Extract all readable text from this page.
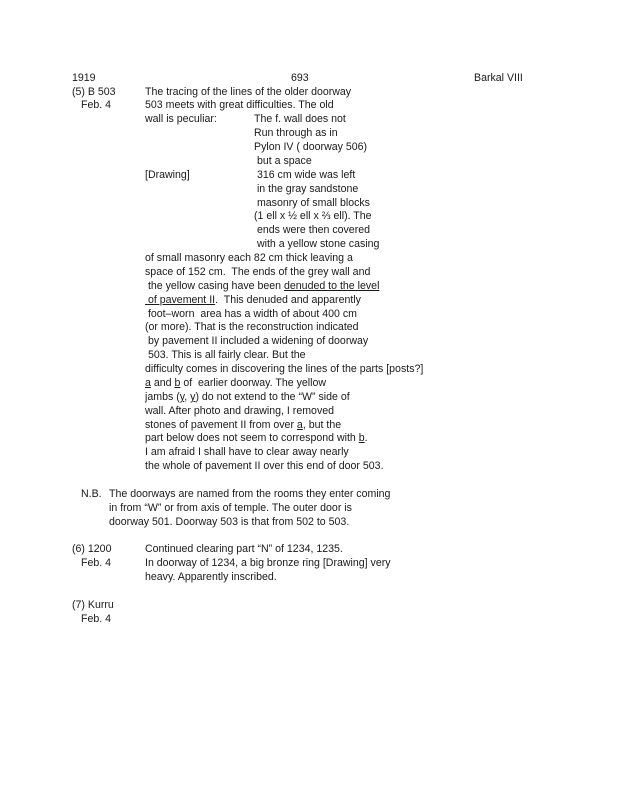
1919	693	Barkal VIII
(5) B 503
Feb. 4
The tracing of the lines of the older doorway
503 meets with great difficulties. The old
wall is peculiar:
[Drawing]
The f. wall does not
Run through as in
Pylon IV ( doorway 506)
but a space
316 cm wide was left
in the gray sandstone
masonry of small blocks
(1 ell x ½ ell x ⅔ ell). The
ends were then covered
with a yellow stone casing
of small masonry each 82 cm thick leaving a
space of 152 cm.  The ends of the grey wall and
the yellow casing have been denuded to the level
of pavement II.  This denuded and apparently
foot–worn  area has a width of about 400 cm
(or more). That is the reconstruction indicated
by pavement II included a widening of doorway
503. This is all fairly clear. But the
difficulty comes in discovering the lines of the parts [posts?]
a and b of  earlier doorway. The yellow
jambs (y, y) do not extend to the “W” side of
wall. After photo and drawing, I removed
stones of pavement II from over a, but the
part below does not seem to correspond with b.
I am afraid I shall have to clear away nearly
the whole of pavement II over this end of door 503.
N.B. The doorways are named from the rooms they enter coming
in from “W” or from axis of temple. The outer door is
doorway 501. Doorway 503 is that from 502 to 503.
(6) 1200
Feb. 4
Continued clearing part “N” of 1234, 1235.
In doorway of 1234, a big bronze ring [Drawing] very
heavy. Apparently inscribed.
(7) Kurru
Feb. 4
